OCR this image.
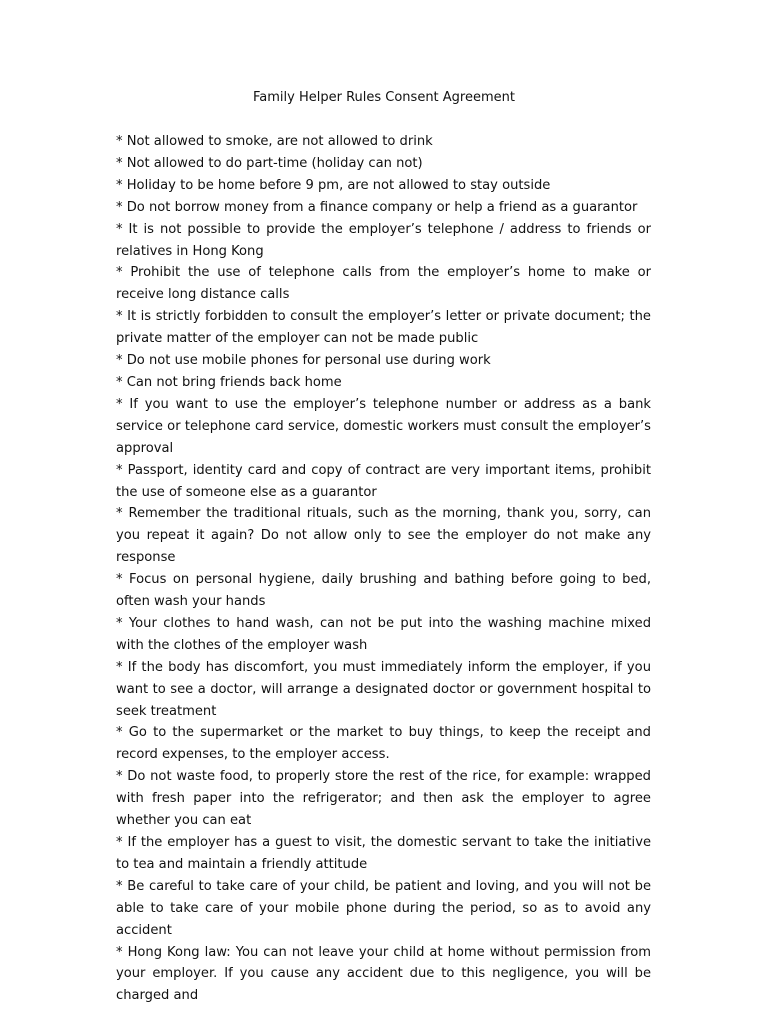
Family Helper Rules Consent Agreement
* Not allowed to smoke, are not allowed to drink
* Not allowed to do part-time (holiday can not)
* Holiday to be home before 9 pm, are not allowed to stay outside
* Do not borrow money from a finance company or help a friend as a guarantor
* It is not possible to provide the employer’s telephone / address to friends or relatives in Hong Kong
* Prohibit the use of telephone calls from the employer’s home to make or receive long distance calls
* It is strictly forbidden to consult the employer’s letter or private document; the private matter of the employer can not be made public
* Do not use mobile phones for personal use during work
* Can not bring friends back home
* If you want to use the employer’s telephone number or address as a bank service or telephone card service, domestic workers must consult the employer’s approval
* Passport, identity card and copy of contract are very important items, prohibit the use of someone else as a guarantor
* Remember the traditional rituals, such as the morning, thank you, sorry, can you repeat it again? Do not allow only to see the employer do not make any response
* Focus on personal hygiene, daily brushing and bathing before going to bed, often wash your hands
* Your clothes to hand wash, can not be put into the washing machine mixed with the clothes of the employer wash
* If the body has discomfort, you must immediately inform the employer, if you want to see a doctor, will arrange a designated doctor or government hospital to seek treatment
* Go to the supermarket or the market to buy things, to keep the receipt and record expenses, to the employer access.
* Do not waste food, to properly store the rest of the rice, for example: wrapped with fresh paper into the refrigerator; and then ask the employer to agree whether you can eat
* If the employer has a guest to visit, the domestic servant to take the initiative to tea and maintain a friendly attitude
* Be careful to take care of your child, be patient and loving, and you will not be able to take care of your mobile phone during the period, so as to avoid any accident
* Hong Kong law: You can not leave your child at home without permission from your employer. If you cause any accident due to this negligence, you will be charged and
